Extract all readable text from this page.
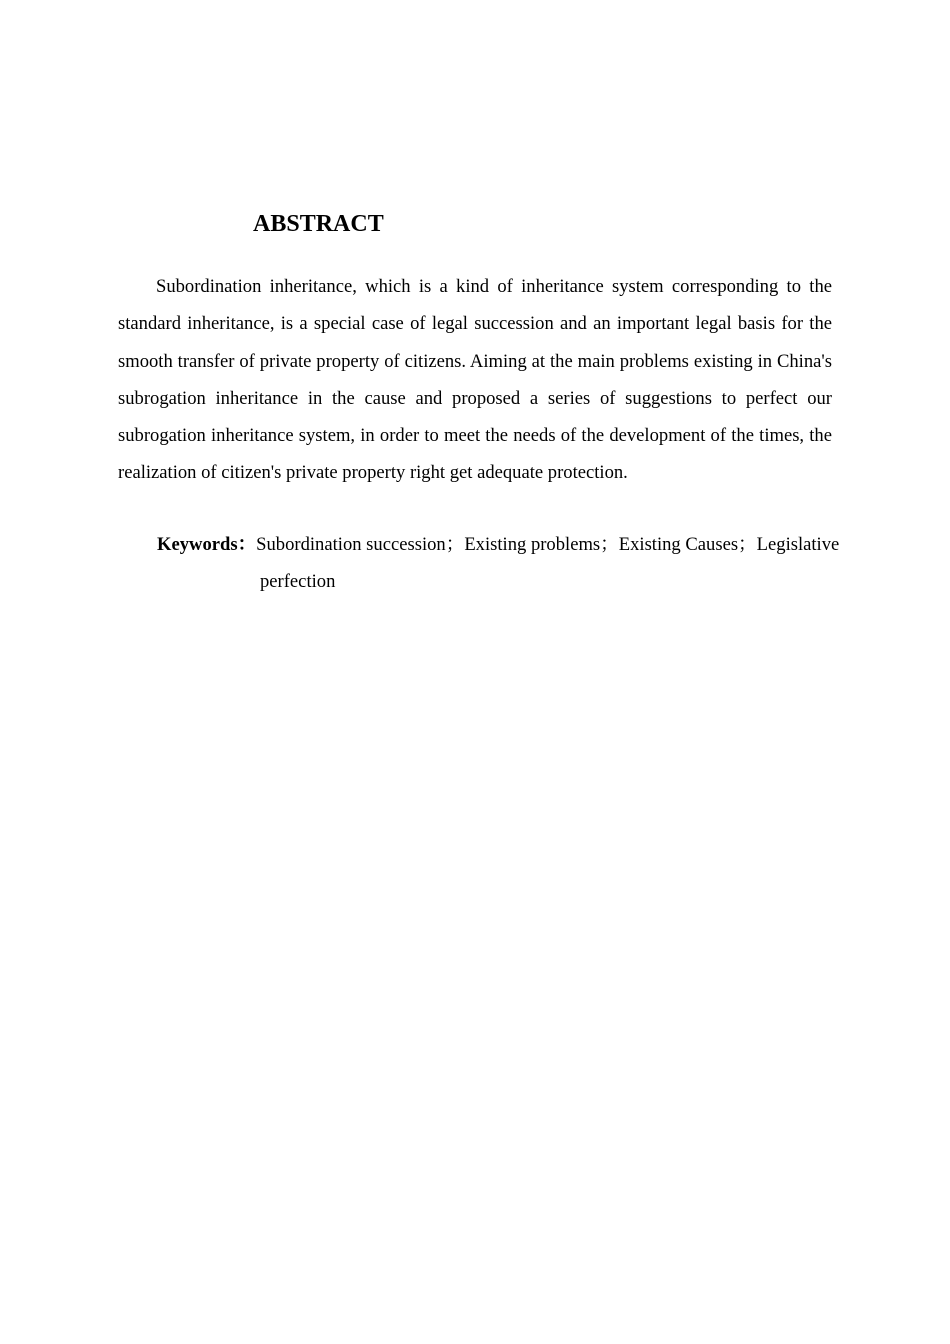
ABSTRACT

Subordination inheritance, which is a kind of inheritance system corresponding to the standard inheritance, is a special case of legal succession and an important legal basis for the smooth transfer of private property of citizens. Aiming at the main problems existing in China's subrogation inheritance in the cause and proposed a series of suggestions to perfect our subrogation inheritance system, in order to meet the needs of the development of the times, the realization of citizen's private property right get adequate protection.

Keywords：Subordination succession； Existing problems； Existing Causes； Legislative
perfection
